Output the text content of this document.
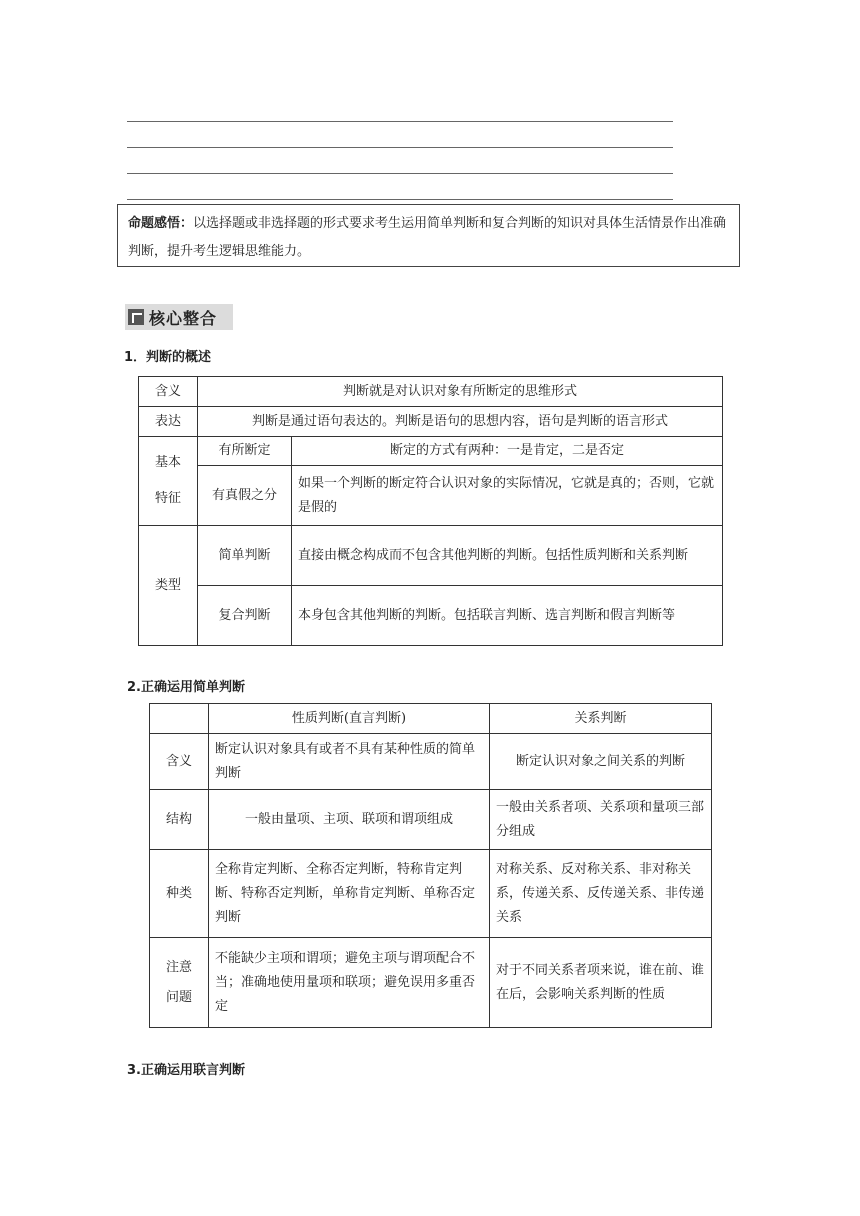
命题感悟：以选择题或非选择题的形式要求考生运用简单判断和复合判断的知识对具体生活情景作出准确判断，提升考生逻辑思维能力。
核心整合
1．判断的概述
含义	判断就是对认识对象有所断定的思维形式	
表达	判断是通过语句表达的。判断是语句的思想内容，语句是判断的语言形式	
基本特征	有所断定	断定的方式有两种：一是肯定，二是否定
	有真假之分	如果一个判断的断定符合认识对象的实际情况，它就是真的；否则，它就是假的
类型	简单判断	直接由概念构成而不包含其他判断的判断。包括性质判断和关系判断
	复合判断	本身包含其他判断的判断。包括联言判断、选言判断和假言判断等
2.正确运用简单判断
	性质判断(直言判断)	关系判断
含义	断定认识对象具有或者不具有某种性质的简单判断	断定认识对象之间关系的判断
结构	一般由量项、主项、联项和谓项组成	一般由关系者项、关系项和量项三部分组成
种类	全称肯定判断、全称否定判断，特称肯定判断、特称否定判断，单称肯定判断、单称否定判断	对称关系、反对称关系、非对称关系，传递关系、反传递关系、非传递关系
注意问题	不能缺少主项和谓项；避免主项与谓项配合不当；准确地使用量项和联项；避免误用多重否定	对于不同关系者项来说，谁在前、谁在后，会影响关系判断的性质
3.正确运用联言判断
